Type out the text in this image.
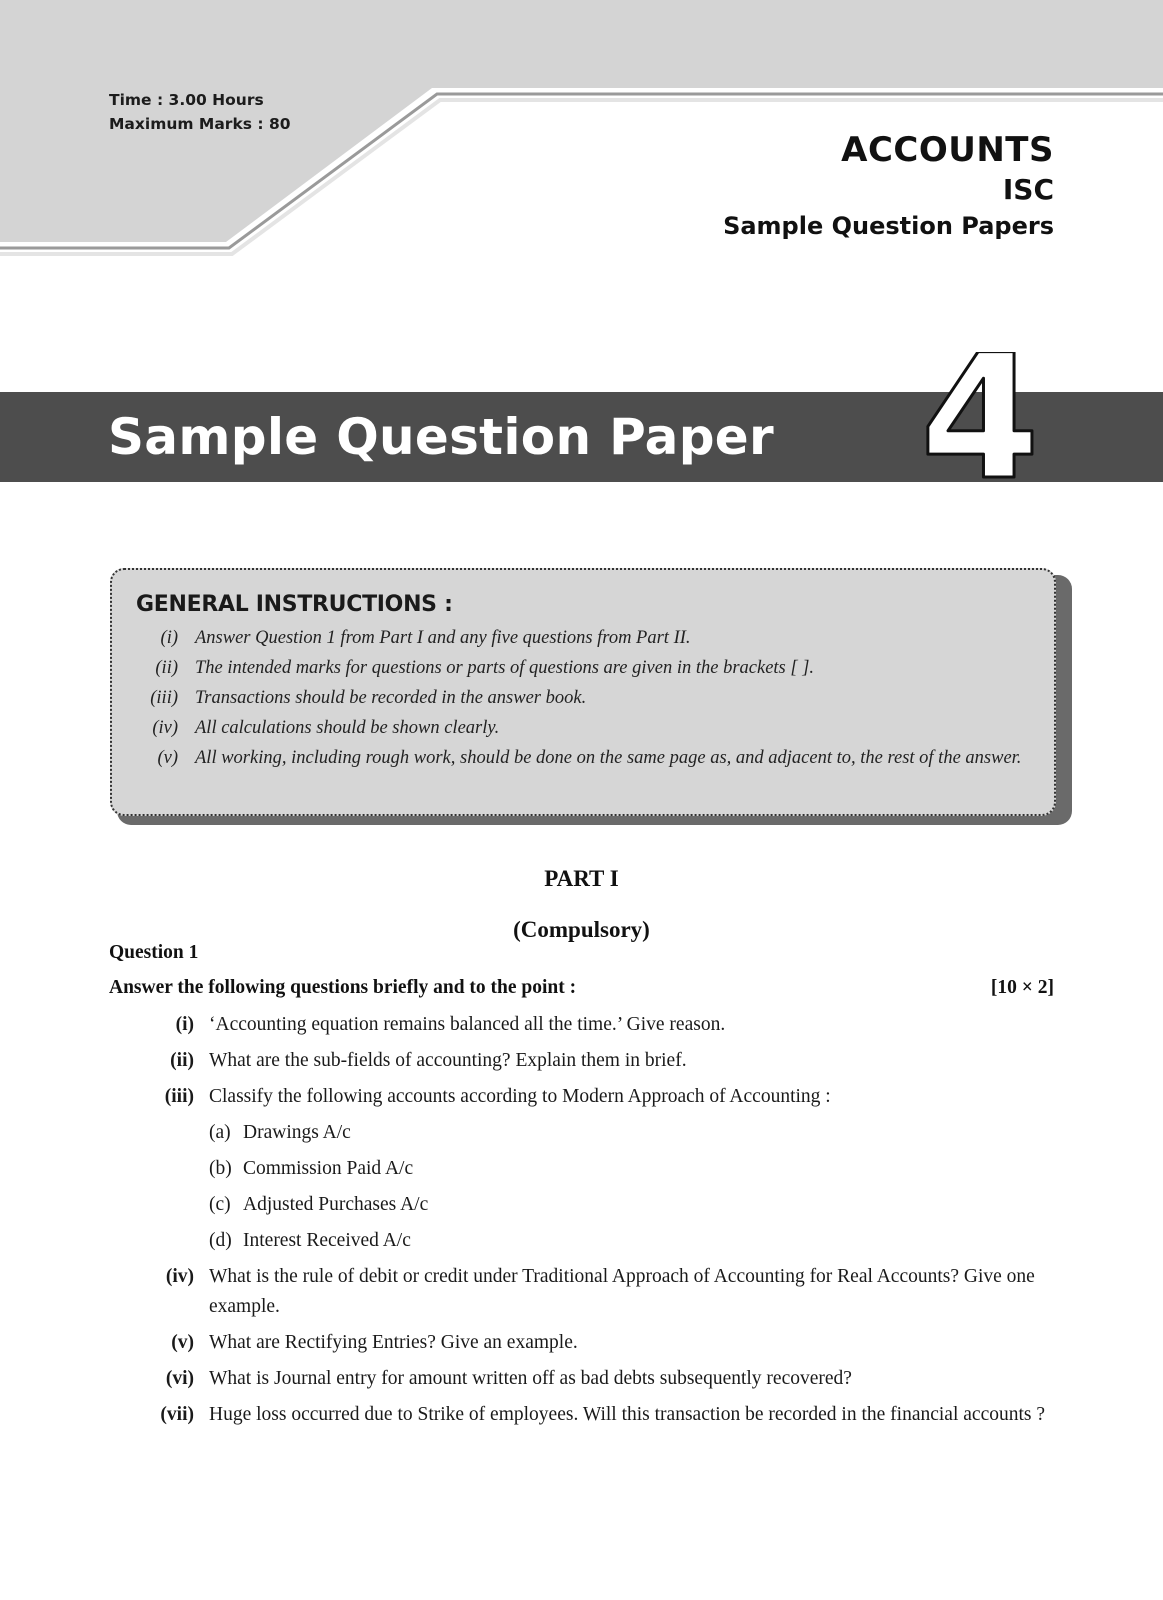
Time : 3.00 Hours
Maximum Marks : 80
ACCOUNTS
ISC
Sample Question Papers
Sample Question Paper 4
GENERAL INSTRUCTIONS :
(i) Answer Question 1 from Part I and any five questions from Part II.
(ii) The intended marks for questions or parts of questions are given in the brackets [ ].
(iii) Transactions should be recorded in the answer book.
(iv) All calculations should be shown clearly.
(v) All working, including rough work, should be done on the same page as, and adjacent to, the rest of the answer.
PART I
(Compulsory)
Question 1
Answer the following questions briefly and to the point :	[10 × 2]
(i) ‘Accounting equation remains balanced all the time.’ Give reason.
(ii) What are the sub-fields of accounting? Explain them in brief.
(iii) Classify the following accounts according to Modern Approach of Accounting :
(a) Drawings A/c
(b) Commission Paid A/c
(c) Adjusted Purchases A/c
(d) Interest Received A/c
(iv) What is the rule of debit or credit under Traditional Approach of Accounting for Real Accounts? Give one example.
(v) What are Rectifying Entries? Give an example.
(vi) What is Journal entry for amount written off as bad debts subsequently recovered?
(vii) Huge loss occurred due to Strike of employees. Will this transaction be recorded in the financial accounts ?
